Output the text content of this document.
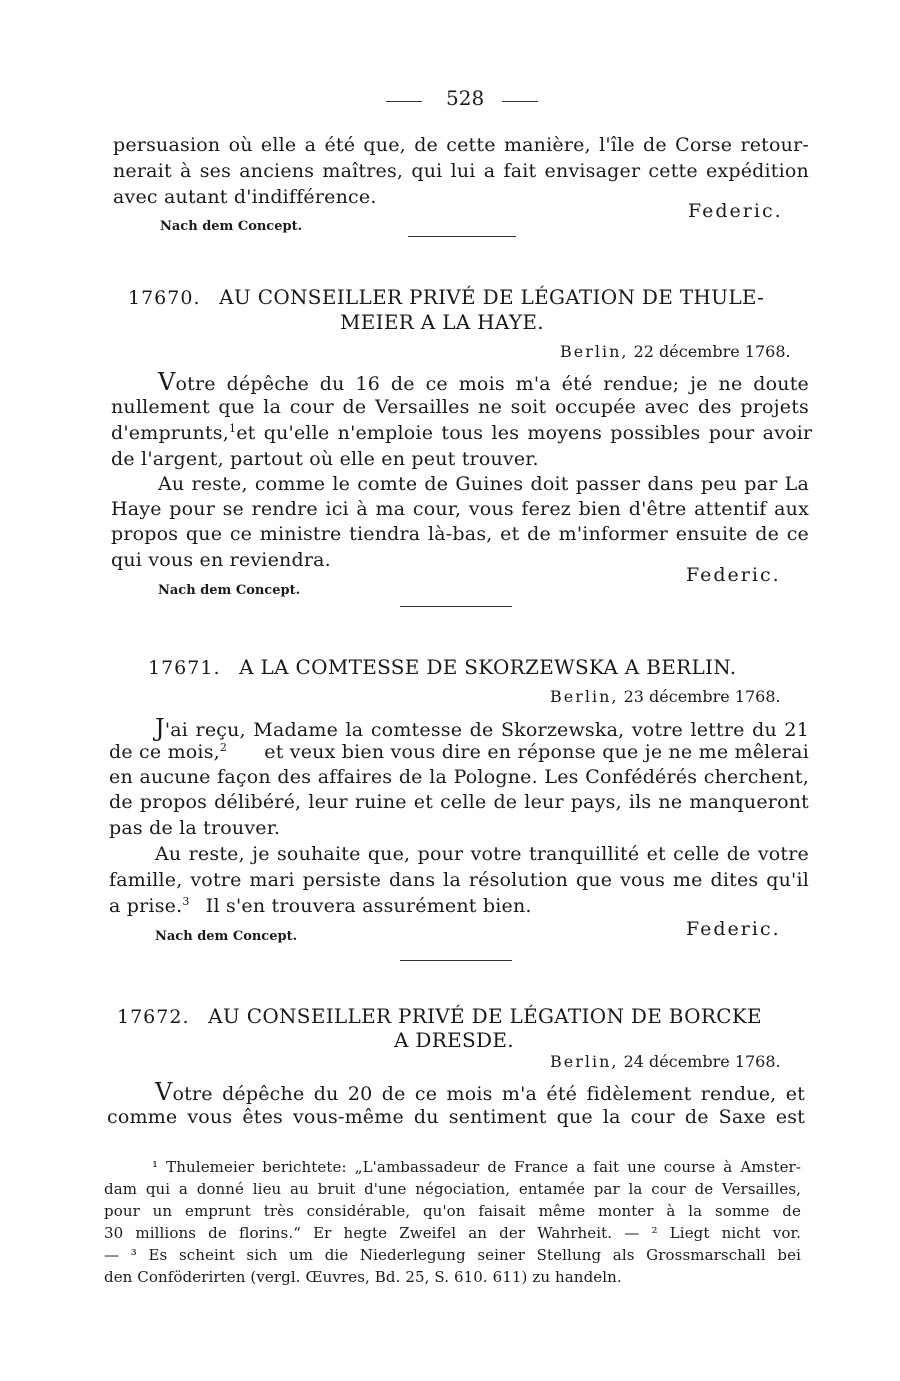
528

persuasion où elle a été que, de cette manière, l'île de Corse retour-

nerait à ses anciens maîtres, qui lui a fait envisager cette expédition

avec autant d'indifférence.

Federic.
Nach dem Concept.
17670. AU CONSEILLER PRIVÉ DE LÉGATION DE THULE-
MEIER A LA HAYE.
Berlin, 22 décembre 1768.

Votre dépêche du 16 de ce mois m'a été rendue; je ne doute

nullement que la cour de Versailles ne soit occupée avec des projets

d'emprunts,$^1$ et qu'elle n'emploie tous les moyens possibles pour avoir

de l'argent, partout où elle en peut trouver.

Au reste, comme le comte de Guines doit passer dans peu par La

Haye pour se rendre ici à ma cour, vous ferez bien d'être attentif aux

propos que ce ministre tiendra là-bas, et de m'informer ensuite de ce

qui vous en reviendra.

Federic.
Nach dem Concept.
17671. A LA COMTESSE DE SKORZEWSKA A BERLIN.
Berlin, 23 décembre 1768.

J'ai reçu, Madame la comtesse de Skorzewska, votre lettre du 21

de ce mois,$^2$ et veux bien vous dire en réponse que je ne me mêlerai

en aucune façon des affaires de la Pologne. Les Confédérés cherchent,

de propos délibéré, leur ruine et celle de leur pays, ils ne manqueront

pas de la trouver.

Au reste, je souhaite que, pour votre tranquillité et celle de votre

famille, votre mari persiste dans la résolution que vous me dites qu'il

a prise.$^3$ Il s'en trouvera assurément bien.

Federic.
Nach dem Concept.
17672. AU CONSEILLER PRIVÉ DE LÉGATION DE BORCKE
A DRESDE.
Berlin, 24 décembre 1768.

Votre dépêche du 20 de ce mois m'a été fidèlement rendue, et

comme vous êtes vous-même du sentiment que la cour de Saxe est

¹ Thulemeier berichtete: „L'ambassadeur de France a fait une course à Amster-

dam qui a donné lieu au bruit d'une négociation, entamée par la cour de Versailles,

pour un emprunt très considérable, qu'on faisait même monter à la somme de

30 millions de florins.“ Er hegte Zweifel an der Wahrheit. — ² Liegt nicht vor.

— ³ Es scheint sich um die Niederlegung seiner Stellung als Grossmarschall bei

den Conföderirten (vergl. Œuvres, Bd. 25, S. 610. 611) zu handeln.
